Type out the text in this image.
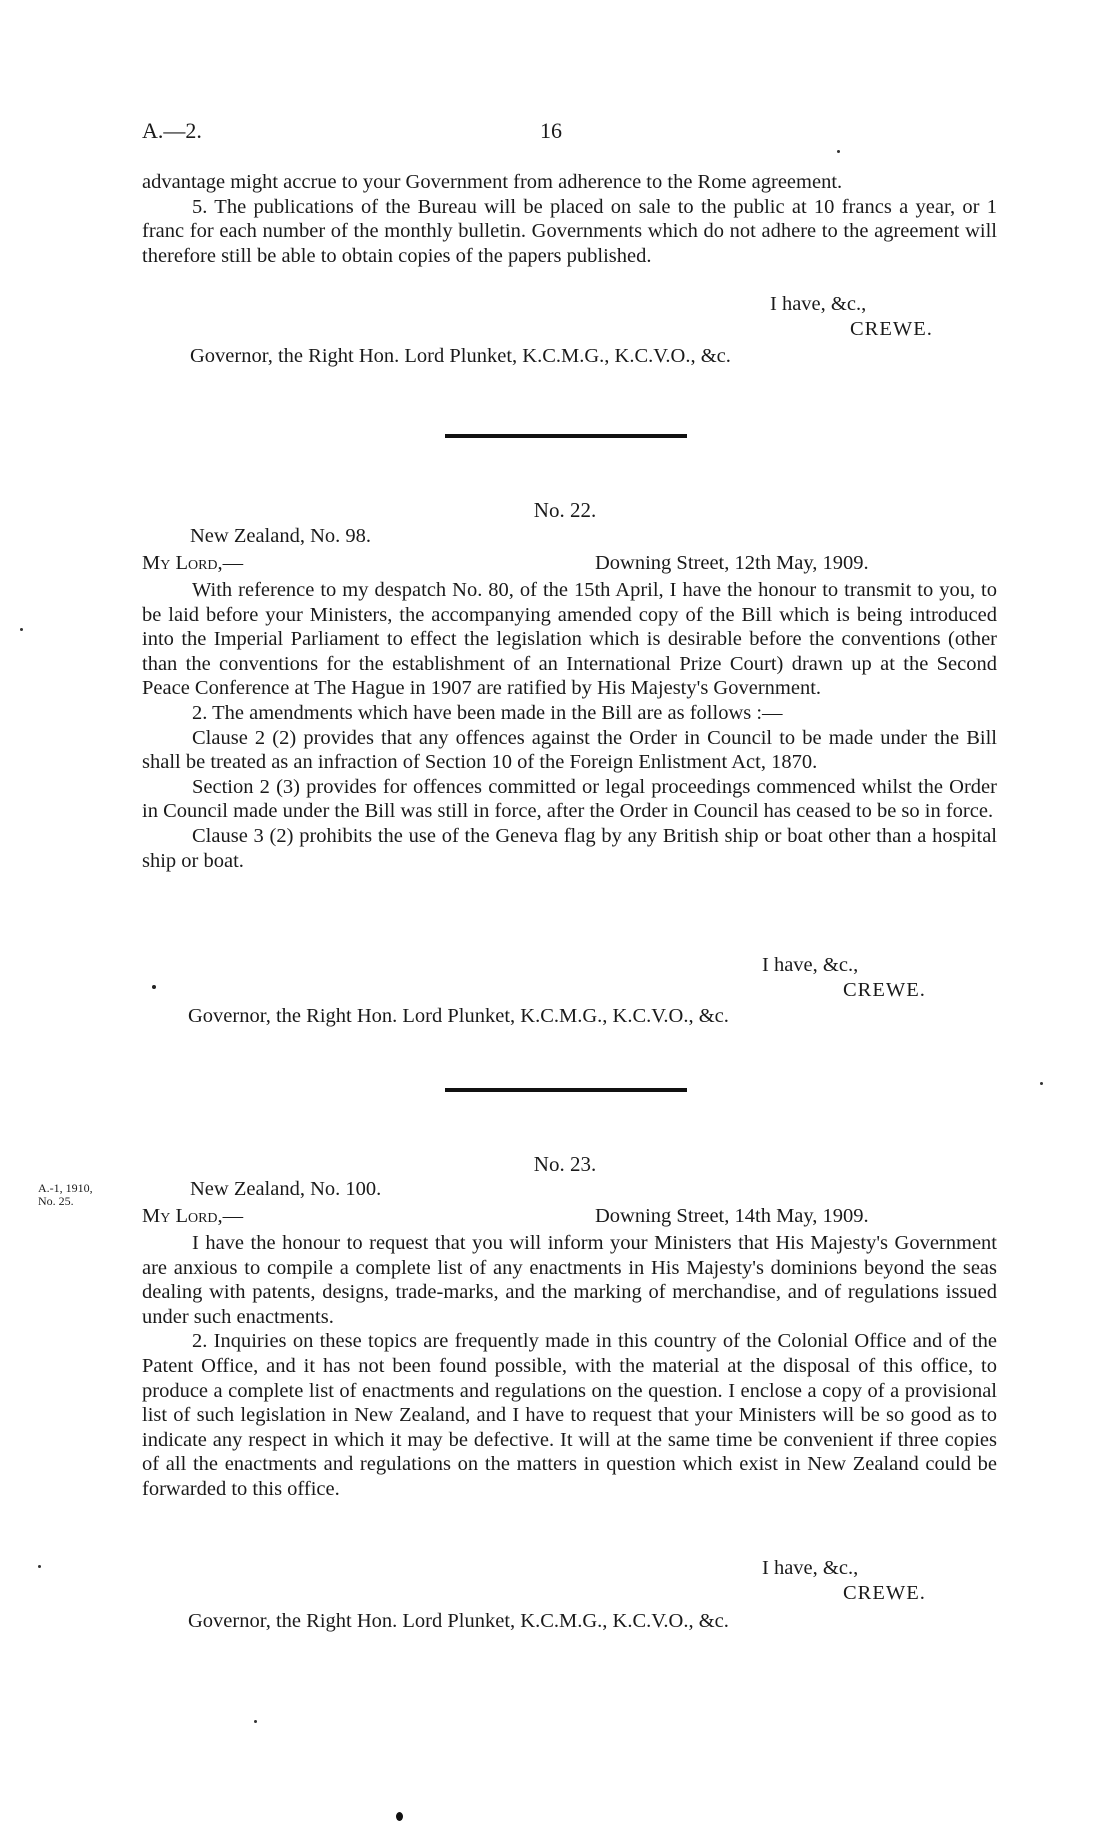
A.—2.	16

advantage might accrue to your Government from adherence to the Rome agreement.

5. The publications of the Bureau will be placed on sale to the public at 10 francs a year, or 1 franc for each number of the monthly bulletin. Governments which do not adhere to the agreement will therefore still be able to obtain copies of the papers published.

I have, &c.,
CREWE.
Governor, the Right Hon. Lord Plunket, K.C.M.G., K.C.V.O., &c.
No. 22.
New Zealand, No. 98.
My Lord,—	Downing Street, 12th May, 1909.

With reference to my despatch No. 80, of the 15th April, I have the honour to transmit to you, to be laid before your Ministers, the accompanying amended copy of the Bill which is being introduced into the Imperial Parliament to effect the legislation which is desirable before the conventions (other than the conventions for the establishment of an International Prize Court) drawn up at the Second Peace Conference at The Hague in 1907 are ratified by His Majesty's Government.

2. The amendments which have been made in the Bill are as follows :—

Clause 2 (2) provides that any offences against the Order in Council to be made under the Bill shall be treated as an infraction of Section 10 of the Foreign Enlistment Act, 1870.

Section 2 (3) provides for offences committed or legal proceedings commenced whilst the Order in Council made under the Bill was still in force, after the Order in Council has ceased to be so in force.

Clause 3 (2) prohibits the use of the Geneva flag by any British ship or boat other than a hospital ship or boat.

I have, &c.,
CREWE.
Governor, the Right Hon. Lord Plunket, K.C.M.G., K.C.V.O., &c.
A.-1, 1910,
No. 25.
No. 23.
New Zealand, No. 100.
My Lord,—	Downing Street, 14th May, 1909.

I have the honour to request that you will inform your Ministers that His Majesty's Government are anxious to compile a complete list of any enactments in His Majesty's dominions beyond the seas dealing with patents, designs, trade-marks, and the marking of merchandise, and of regulations issued under such enactments.

2. Inquiries on these topics are frequently made in this country of the Colonial Office and of the Patent Office, and it has not been found possible, with the material at the disposal of this office, to produce a complete list of enactments and regulations on the question. I enclose a copy of a provisional list of such legislation in New Zealand, and I have to request that your Ministers will be so good as to indicate any respect in which it may be defective. It will at the same time be convenient if three copies of all the enactments and regulations on the matters in question which exist in New Zealand could be forwarded to this office.

I have, &c.,
CREWE.
Governor, the Right Hon. Lord Plunket, K.C.M.G., K.C.V.O., &c.
